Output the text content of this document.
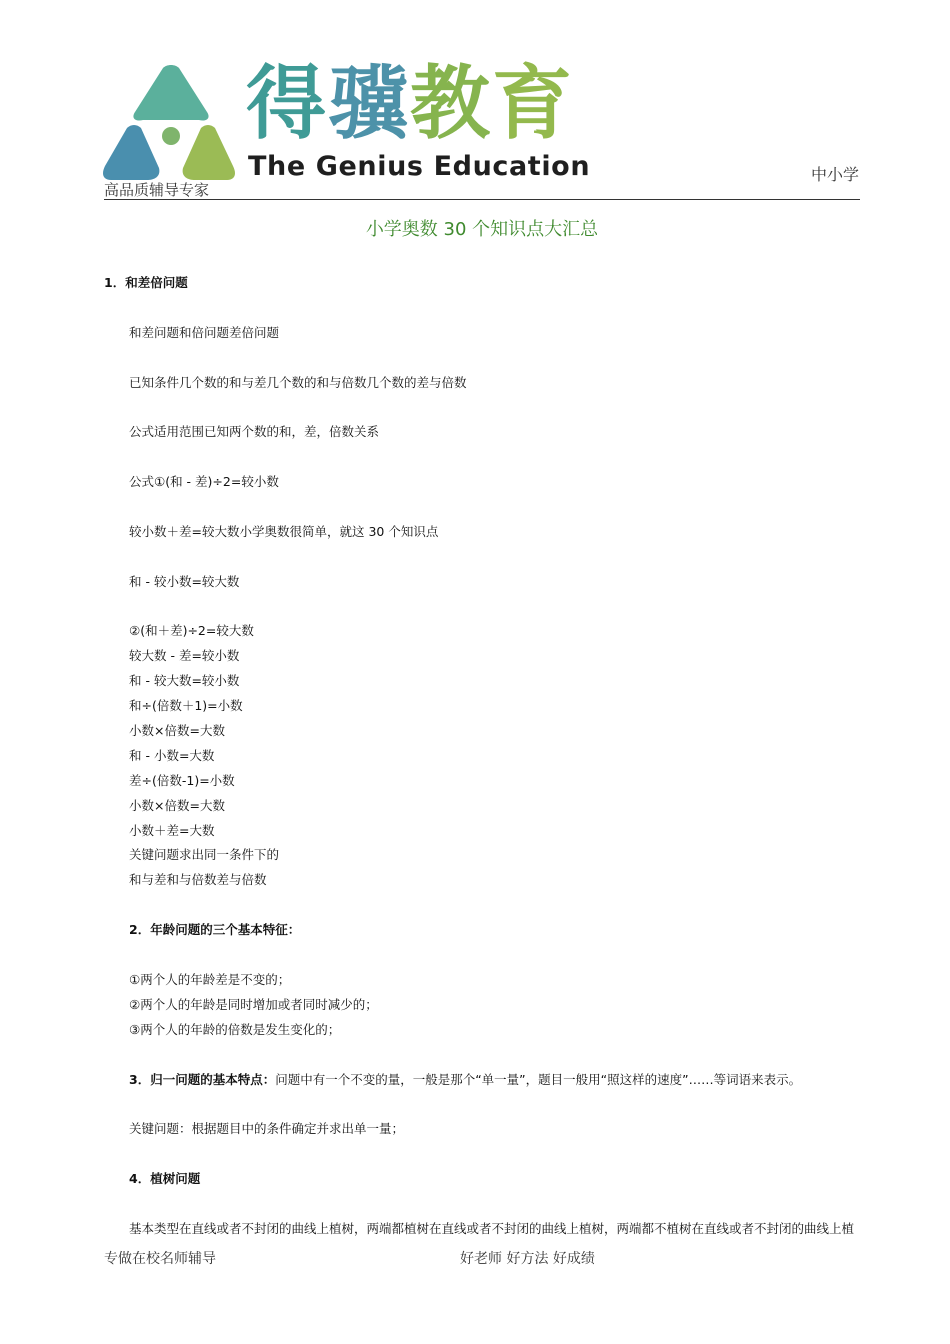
得骥教育
The Genius Education
高品质辅导专家
中小学
小学奥数 30 个知识点大汇总

1．和差倍问题

和差问题和倍问题差倍问题

已知条件几个数的和与差几个数的和与倍数几个数的差与倍数

公式适用范围已知两个数的和，差，倍数关系

公式①(和 - 差)÷2=较小数

较小数＋差=较大数小学奥数很简单，就这 30 个知识点

和 - 较小数=较大数

②(和＋差)÷2=较大数

较大数 - 差=较小数

和 - 较大数=较小数

和÷(倍数＋1)=小数

小数×倍数=大数

和 - 小数=大数

差÷(倍数-1)=小数

小数×倍数=大数

小数＋差=大数

关键问题求出同一条件下的

和与差和与倍数差与倍数

2．年龄问题的三个基本特征：

①两个人的年龄差是不变的；

②两个人的年龄是同时增加或者同时减少的；

③两个人的年龄的倍数是发生变化的；

3．归一问题的基本特点：问题中有一个不变的量，一般是那个“单一量”，题目一般用“照这样的速度”……等词语来表示。

关键问题：根据题目中的条件确定并求出单一量；

4．植树问题

基本类型在直线或者不封闭的曲线上植树，两端都植树在直线或者不封闭的曲线上植树，两端都不植树在直线或者不封闭的曲线上植

专做在校名师辅导	好老师 好方法 好成绩
